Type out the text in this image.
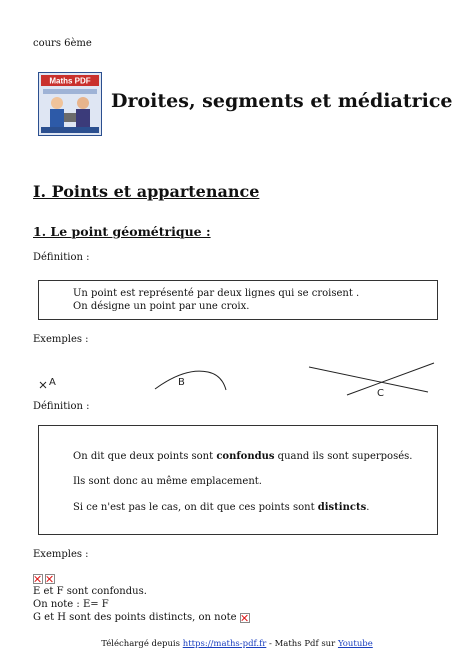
cours 6ème
Maths PDF
Droites, segments et médiatrice
I. Points et appartenance
1. Le point géométrique :
Définition :
Un point est représenté par deux lignes qui se croisent .
On désigne un point par une croix.
Exemples :
A	B
C
Définition :
On dit que deux points sont confondus quand ils sont superposés.
Ils sont donc au même emplacement.
Si ce n'est pas le cas, on dit que ces points sont distincts.
Exemples :
E et F sont confondus.
On note : E= F
G et H sont des points distincts, on note
Téléchargé depuis https://maths-pdf.fr - Maths Pdf sur Youtube
